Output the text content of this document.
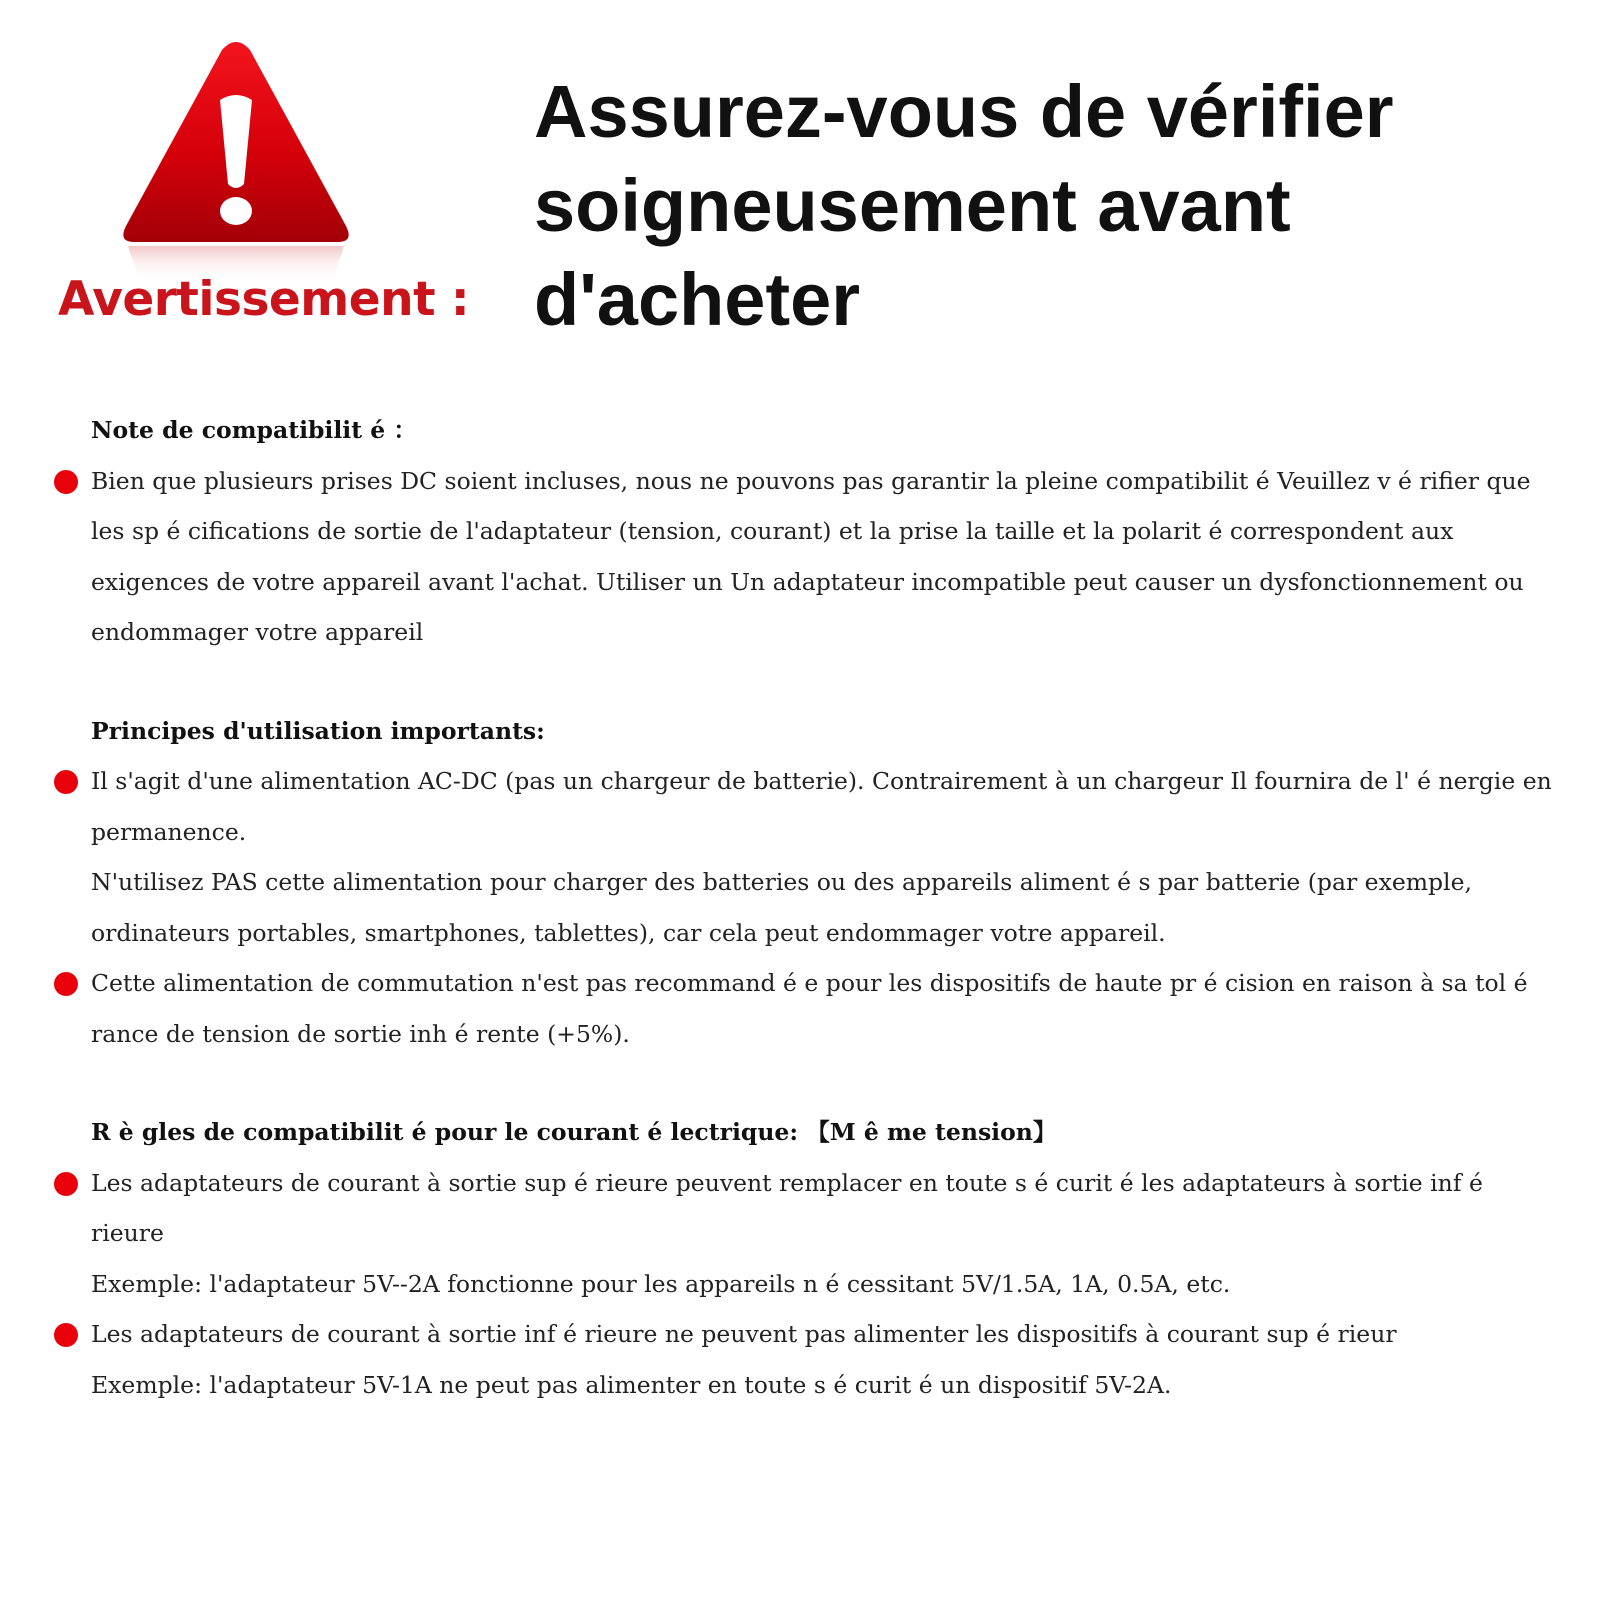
Avertissement :
Assurez-vous de vérifier soigneusement avant d'acheter

Note de compatibilit é ：

Bien que plusieurs prises DC soient incluses, nous ne pouvons pas garantir la pleine compatibilit é Veuillez v é rifier que les sp é cifications de sortie de l'adaptateur (tension, courant) et la prise la taille et la polarit é correspondent aux exigences de votre appareil avant l'achat. Utiliser un Un adaptateur incompatible peut causer un dysfonctionnement ou endommager votre appareil

Principes d'utilisation importants:

Il s'agit d'une alimentation AC-DC (pas un chargeur de batterie). Contrairement à un chargeur Il fournira de l' é nergie en permanence.

N'utilisez PAS cette alimentation pour charger des batteries ou des appareils aliment é s par batterie (par exemple, ordinateurs portables, smartphones, tablettes), car cela peut endommager votre appareil.

Cette alimentation de commutation n'est pas recommand é e pour les dispositifs de haute pr é cision en raison à sa tol é rance de tension de sortie inh é rente (+5%).

R è gles de compatibilit é pour le courant é lectrique: 【M ê me tension】

Les adaptateurs de courant à sortie sup é rieure peuvent remplacer en toute s é curit é les adaptateurs à sortie inf é rieure

Exemple: l'adaptateur 5V--2A fonctionne pour les appareils n é cessitant 5V/1.5A, 1A, 0.5A, etc.

Les adaptateurs de courant à sortie inf é rieure ne peuvent pas alimenter les dispositifs à courant sup é rieur

Exemple: l'adaptateur 5V-1A ne peut pas alimenter en toute s é curit é un dispositif 5V-2A.
